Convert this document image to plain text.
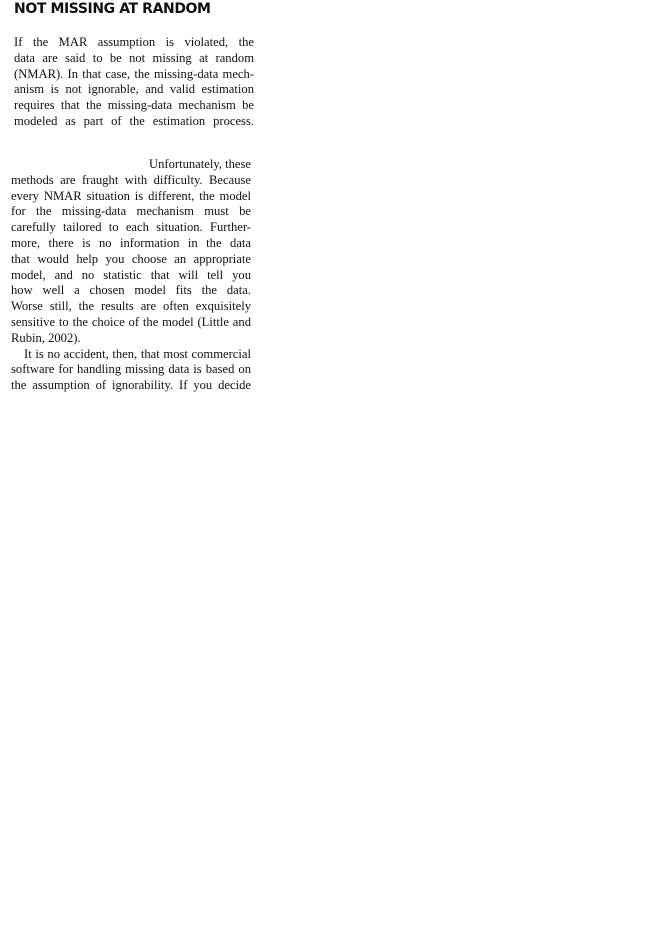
NOT MISSING AT RANDOM
If the MAR assumption is violated, the
data are said to be not missing at random
(NMAR). In that case, the missing-data mech-
anism is not ignorable, and valid estimation
requires that the missing-data mechanism be
modeled as part of the estimation process.
Unfortunately, these
methods are fraught with difficulty. Because
every NMAR situation is different, the model
for the missing-data mechanism must be
carefully tailored to each situation. Further-
more, there is no information in the data
that would help you choose an appropriate
model, and no statistic that will tell you
how well a chosen model fits the data.
Worse still, the results are often exquisitely
sensitive to the choice of the model (Little and
Rubin, 2002).
It is no accident, then, that most commercial
software for handling missing data is based on
the assumption of ignorability. If you decide
